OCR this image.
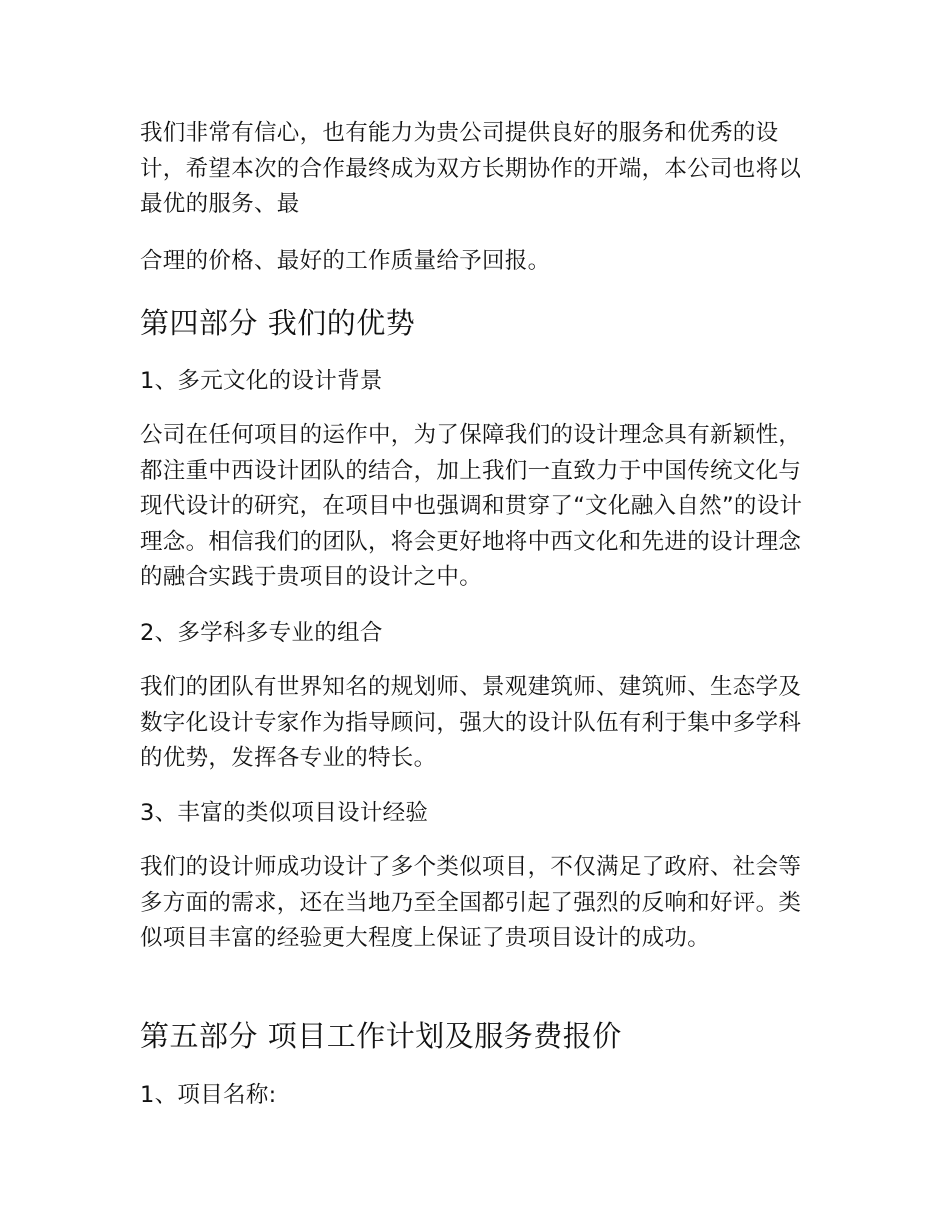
我们非常有信心，也有能力为贵公司提供良好的服务和优秀的设计，希望本次的合作最终成为双方长期协作的开端，本公司也将以最优的服务、最

合理的价格、最好的工作质量给予回报。

第四部分 我们的优势

1、多元文化的设计背景

公司在任何项目的运作中，为了保障我们的设计理念具有新颖性，都注重中西设计团队的结合，加上我们一直致力于中国传统文化与现代设计的研究，在项目中也强调和贯穿了“文化融入自然”的设计理念。相信我们的团队，将会更好地将中西文化和先进的设计理念的融合实践于贵项目的设计之中。

2、多学科多专业的组合

我们的团队有世界知名的规划师、景观建筑师、建筑师、生态学及数字化设计专家作为指导顾问，强大的设计队伍有利于集中多学科的优势，发挥各专业的特长。

3、丰富的类似项目设计经验

我们的设计师成功设计了多个类似项目，不仅满足了政府、社会等多方面的需求，还在当地乃至全国都引起了强烈的反响和好评。类似项目丰富的经验更大程度上保证了贵项目设计的成功。

第五部分 项目工作计划及服务费报价

1、项目名称:
